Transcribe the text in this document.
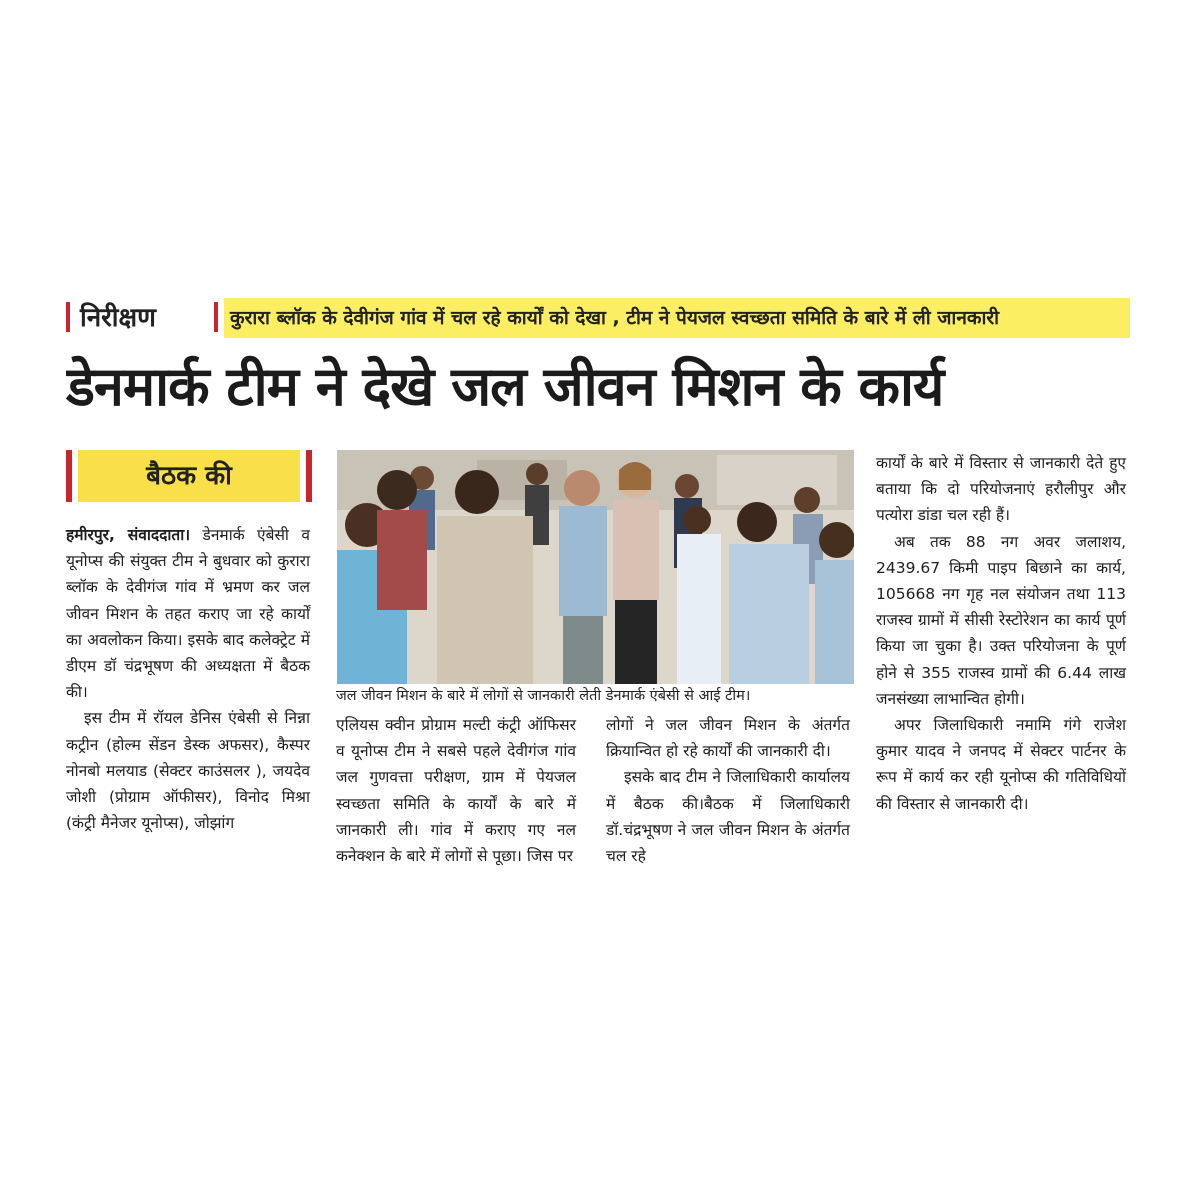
निरीक्षण	कुरारा ब्लॉक के देवीगंज गांव में चल रहे कार्यों को देखा , टीम ने पेयजल स्वच्छता समिति के बारे में ली जानकारी
डेनमार्क टीम ने देखे जल जीवन मिशन के कार्य
बैठक की

हमीरपुर, संवाददाता। डेनमार्क एंबेसी व यूनोप्स की संयुक्त टीम ने बुधवार को कुरारा ब्लॉक के देवीगंज गांव में भ्रमण कर जल जीवन मिशन के तहत कराए जा रहे कार्यों का अवलोकन किया। इसके बाद कलेक्ट्रेट में डीएम डॉ चंद्रभूषण की अध्यक्षता में बैठक की।

इस टीम में रॉयल डेनिस एंबेसी से निन्ना कट्रीन (होल्म सेंडन डेस्क अफसर), कैस्पर नोनबो मलयाड (सेक्टर काउंसलर ), जयदेव जोशी (प्रोग्राम ऑफीसर), विनोद मिश्रा (कंट्री मैनेजर यूनोप्स), जोझांग

जल जीवन मिशन के बारे में लोगों से जानकारी लेती डेनमार्क एंबेसी से आई टीम।

एलियस क्वीन प्रोग्राम मल्टी कंट्री ऑफिसर व यूनोप्स टीम ने सबसे पहले देवीगंज गांव जल गुणवत्ता परीक्षण, ग्राम में पेयजल स्वच्छता समिति के कार्यों के बारे में जानकारी ली। गांव में कराए गए नल कनेक्शन के बारे में लोगों से पूछा। जिस पर

लोगों ने जल जीवन मिशन के अंतर्गत क्रियान्वित हो रहे कार्यों की जानकारी दी।

इसके बाद टीम ने जिलाधिकारी कार्यालय में बैठक की।बैठक में जिलाधिकारी डॉ.चंद्रभूषण ने जल जीवन मिशन के अंतर्गत चल रहे

कार्यों के बारे में विस्तार से जानकारी देते हुए बताया कि दो परियोजनाएं हरौलीपुर और पत्योरा डांडा चल रही हैं।

अब तक 88 नग अवर जलाशय, 2439.67 किमी पाइप बिछाने का कार्य, 105668 नग गृह नल संयोजन तथा 113 राजस्व ग्रामों में सीसी रेस्टोरेशन का कार्य पूर्ण किया जा चुका है। उक्त परियोजना के पूर्ण होने से 355 राजस्व ग्रामों की 6.44 लाख जनसंख्या लाभान्वित होगी।

अपर जिलाधिकारी नमामि गंगे राजेश कुमार यादव ने जनपद में सेक्टर पार्टनर के रूप में कार्य कर रही यूनोप्स की गतिविधियों की विस्तार से जानकारी दी।
